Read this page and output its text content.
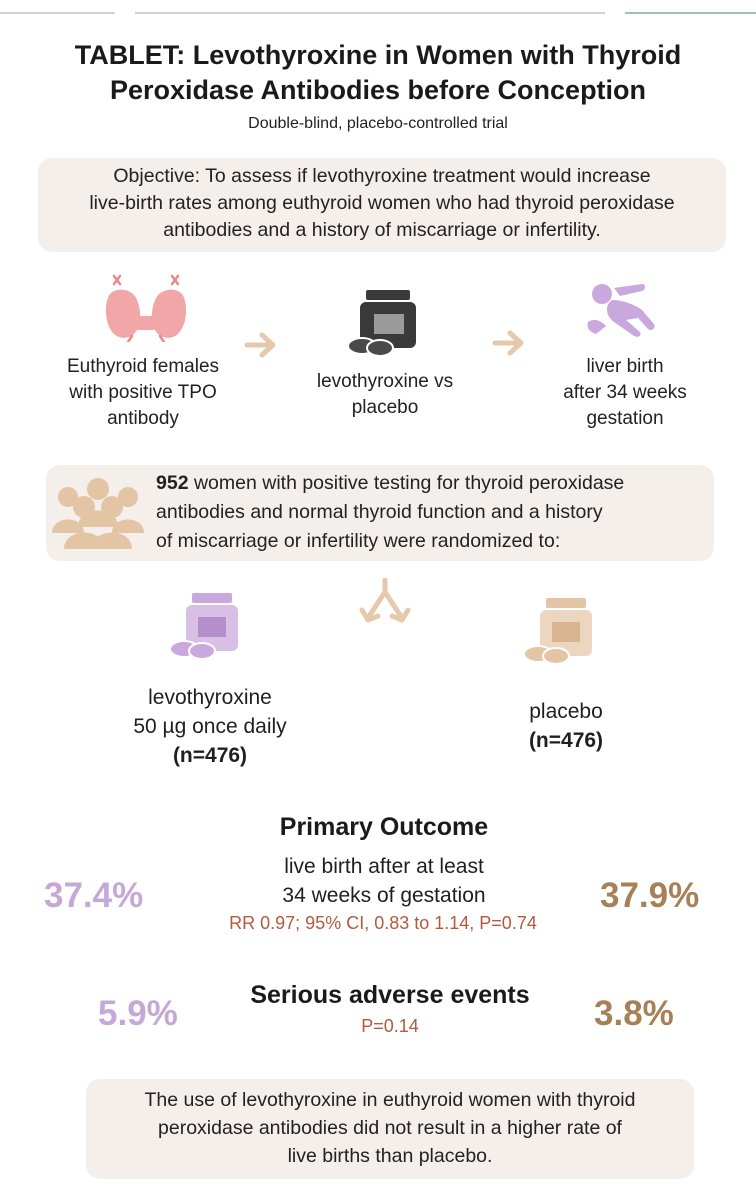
TABLET: Levothyroxine in Women with Thyroid
Peroxidase Antibodies before Conception
Double-blind, placebo-controlled trial
Objective: To assess if levothyroxine treatment would increase
live-birth rates among euthyroid women who had thyroid peroxidase
antibodies and a history of miscarriage or infertility.
Euthyroid females
with positive TPO
antibody
levothyroxine vs
placebo
liver birth
after 34 weeks
gestation
952 women with positive testing for thyroid peroxidase
antibodies and normal thyroid function and a history
of miscarriage or infertility were randomized to:
levothyroxine
50 µg once daily
(n=476)
placebo
(n=476)
Primary Outcome
live birth after at least
34 weeks of gestation
RR 0.97; 95% CI, 0.83 to 1.14, P=0.74
37.4%	37.9%
Serious adverse events
P=0.14
5.9%	3.8%
The use of levothyroxine in euthyroid women with thyroid
peroxidase antibodies did not result in a higher rate of
live births than placebo.
